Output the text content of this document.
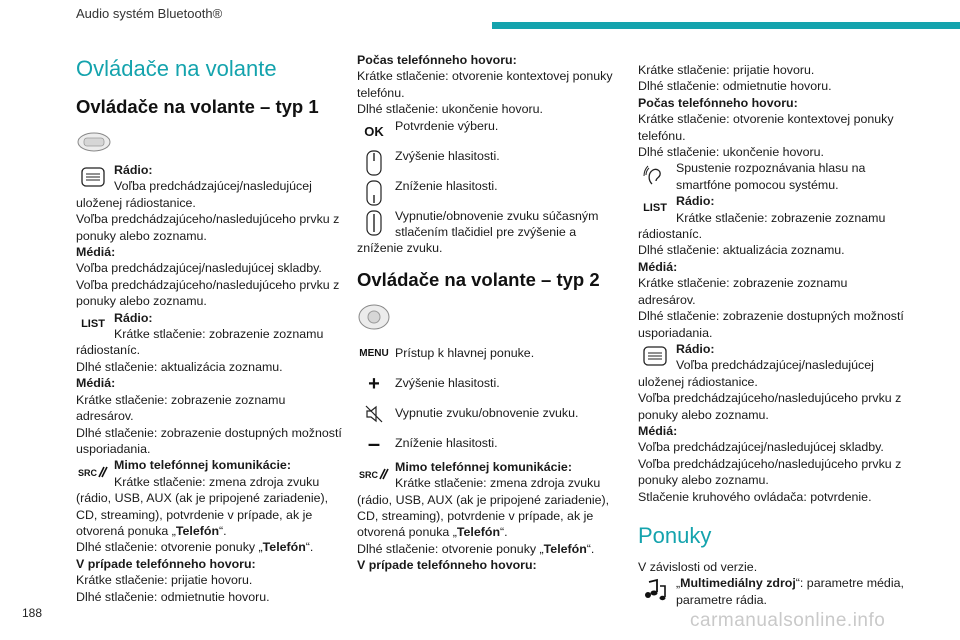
Audio systém Bluetooth®
Ovládače na volante
Ovládače na volante – typ 1

Rádio:

Voľba predchádzajúcej/nasledujúcej uloženej rádiostanice.

Voľba predchádzajúceho/nasledujúceho prvku z ponuky alebo zoznamu.

Médiá:

Voľba predchádzajúcej/nasledujúcej skladby.

Voľba predchádzajúceho/nasledujúceho prvku z ponuky alebo zoznamu.

LIST Rádio:

Krátke stlačenie: zobrazenie zoznamu rádiostaníc.

Dlhé stlačenie: aktualizácia zoznamu.

Médiá:

Krátke stlačenie: zobrazenie zoznamu adresárov.

Dlhé stlačenie: zobrazenie dostupných možností usporiadania.

SRC

Mimo telefónnej komunikácie:

Krátke stlačenie: zmena zdroja zvuku (rádio, USB, AUX (ak je pripojené zariadenie), CD, streaming), potvrdenie v prípade, ak je otvorená ponuka „Telefón“.

Dlhé stlačenie: otvorenie ponuky „Telefón“.

V prípade telefónneho hovoru:

Krátke stlačenie: prijatie hovoru.

Dlhé stlačenie: odmietnutie hovoru.

Počas telefónneho hovoru:

Krátke stlačenie: otvorenie kontextovej ponuky telefónu.

Dlhé stlačenie: ukončenie hovoru.

OK Potvrdenie výberu.

Zvýšenie hlasitosti.

Zníženie hlasitosti.

Vypnutie/obnovenie zvuku súčasným stlačením tlačidiel pre zvýšenie a zníženie zvuku.

Ovládače na volante – typ 2
MENU Prístup k hlavnej ponuke.

+	Zvýšenie hlasitosti.

Vypnutie zvuku/obnovenie zvuku.

–	Zníženie hlasitosti.

SRC

Mimo telefónnej komunikácie:

Krátke stlačenie: zmena zdroja zvuku (rádio, USB, AUX (ak je pripojené zariadenie), CD, streaming), potvrdenie v prípade, ak je otvorená ponuka „Telefón“.

Dlhé stlačenie: otvorenie ponuky „Telefón“.

V prípade telefónneho hovoru:

Krátke stlačenie: prijatie hovoru.

Dlhé stlačenie: odmietnutie hovoru.

Počas telefónneho hovoru:

Krátke stlačenie: otvorenie kontextovej ponuky telefónu.

Dlhé stlačenie: ukončenie hovoru.

Spustenie rozpoznávania hlasu na smartfóne pomocou systému.

LIST Rádio:

Krátke stlačenie: zobrazenie zoznamu rádiostaníc.

Dlhé stlačenie: aktualizácia zoznamu.

Médiá:

Krátke stlačenie: zobrazenie zoznamu adresárov.

Dlhé stlačenie: zobrazenie dostupných možností usporiadania.

Rádio:

Voľba predchádzajúcej/nasledujúcej uloženej rádiostanice.

Voľba predchádzajúceho/nasledujúceho prvku z ponuky alebo zoznamu.

Médiá:

Voľba predchádzajúcej/nasledujúcej skladby.

Voľba predchádzajúceho/nasledujúceho prvku z ponuky alebo zoznamu.

Stlačenie kruhového ovládača: potvrdenie.

Ponuky

V závislosti od verzie.

„Multimediálny zdroj“: parametre média, parametre rádia.

188	carmanualsonline.info
